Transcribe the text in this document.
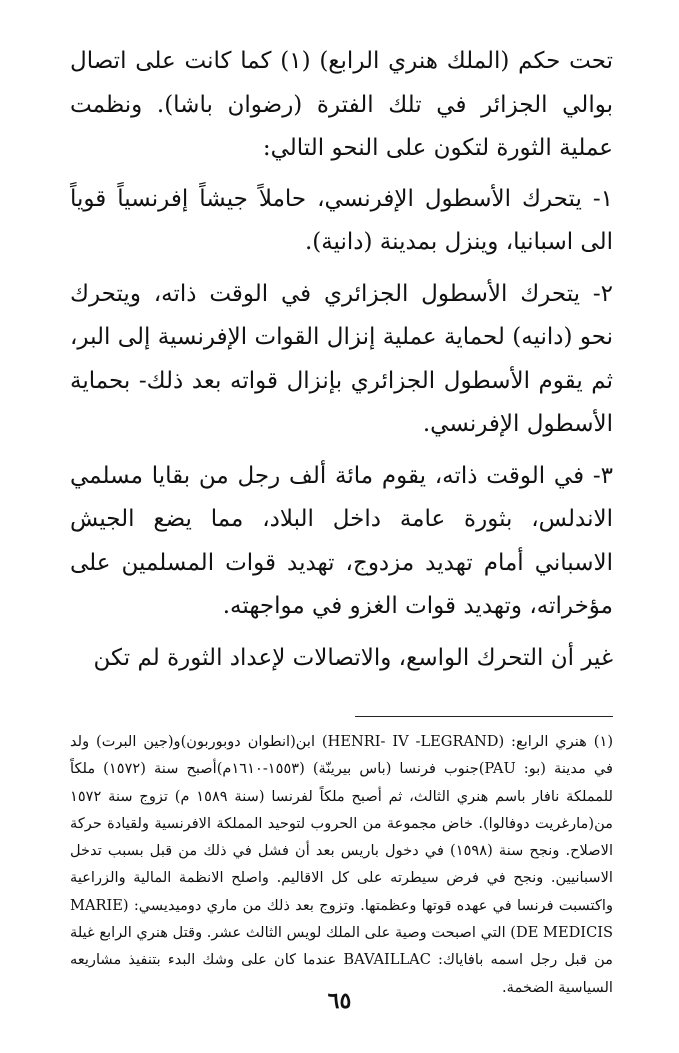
تحت حكم (الملك هنري الرابع) (١) كما كانت على اتصال بوالي الجزائر في تلك الفترة (رضوان باشا). ونظمت عملية الثورة لتكون على النحو التالي:

١- يتحرك الأسطول الإفرنسي، حاملاً جيشاً إفرنسياً قوياً الى اسبانيا، وينزل بمدينة (دانية).

٢- يتحرك الأسطول الجزائري في الوقت ذاته، ويتحرك نحو (دانيه) لحماية عملية إنزال القوات الإفرنسية إلى البر، ثم يقوم الأسطول الجزائري بإنزال قواته بعد ذلك- بحماية الأسطول الإفرنسي.

٣- في الوقت ذاته، يقوم مائة ألف رجل من بقايا مسلمي الاندلس، بثورة عامة داخل البلاد، مما يضع الجيش الاسباني أمام تهديد مزدوج، تهديد قوات المسلمين على مؤخراته، وتهديد قوات الغزو في مواجهته.

غير أن التحرك الواسع، والاتصالات لإعداد الثورة لم تكن

(١) هنري الرابع: (HENRI- IV -LEGRAND) ابن(انطوان دوبوربون)و(جين البرت) ولد في مدينة (بو: PAU)جنوب فرنسا (باس بيرينّة) (١٥٥٣-١٦١٠م)أصبح سنة (١٥٧٢) ملكاً للمملكة نافار باسم هنري الثالث، ثم أصبح ملكاً لفرنسا (سنة ١٥٨٩ م) تزوج سنة ١٥٧٢ من(مارغريت دوفالوا). خاض مجموعة من الحروب لتوحيد المملكة الافرنسية ولقيادة حركة الاصلاح. ونجح سنة (١٥٩٨) في دخول باريس بعد أن فشل في ذلك من قبل بسبب تدخل الاسبانيين. ونجح في فرض سيطرته على كل الاقاليم. واصلح الانظمة المالية والزراعية واكتسبت فرنسا في عهده قوتها وعظمتها. وتزوج بعد ذلك من ماري دوميديسي: (MARIE DE MEDICIS) التي اصبحت وصية على الملك لويس الثالث عشر. وقتل هنري الرابع غيلة من قبل رجل اسمه بافاياك: BAVAILLAC عندما كان على وشك البدء بتنفيذ مشاريعه السياسية الضخمة.

٦٥
